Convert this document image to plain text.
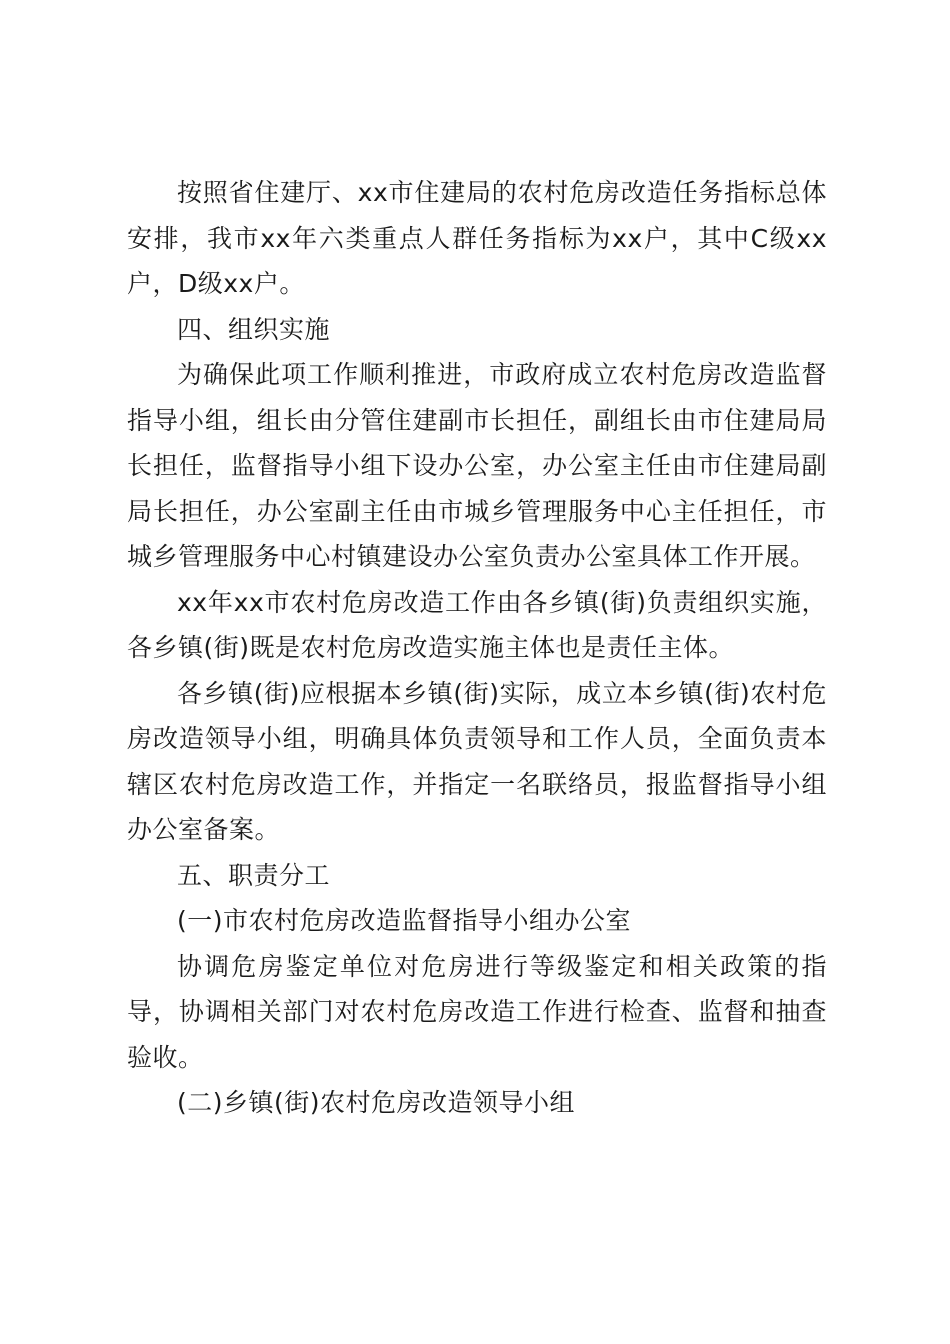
按照省住建厅、xx市住建局的农村危房改造任务指标总体安排，我市xx年六类重点人群任务指标为xx户，其中C级xx户，D级xx户。

四、组织实施

为确保此项工作顺利推进，市政府成立农村危房改造监督指导小组，组长由分管住建副市长担任，副组长由市住建局局长担任，监督指导小组下设办公室，办公室主任由市住建局副局长担任，办公室副主任由市城乡管理服务中心主任担任，市城乡管理服务中心村镇建设办公室负责办公室具体工作开展。

xx年xx市农村危房改造工作由各乡镇(街)负责组织实施，各乡镇(街)既是农村危房改造实施主体也是责任主体。

各乡镇(街)应根据本乡镇(街)实际，成立本乡镇(街)农村危房改造领导小组，明确具体负责领导和工作人员，全面负责本辖区农村危房改造工作，并指定一名联络员，报监督指导小组办公室备案。

五、职责分工

(一)市农村危房改造监督指导小组办公室

协调危房鉴定单位对危房进行等级鉴定和相关政策的指导，协调相关部门对农村危房改造工作进行检查、监督和抽查验收。

(二)乡镇(街)农村危房改造领导小组
